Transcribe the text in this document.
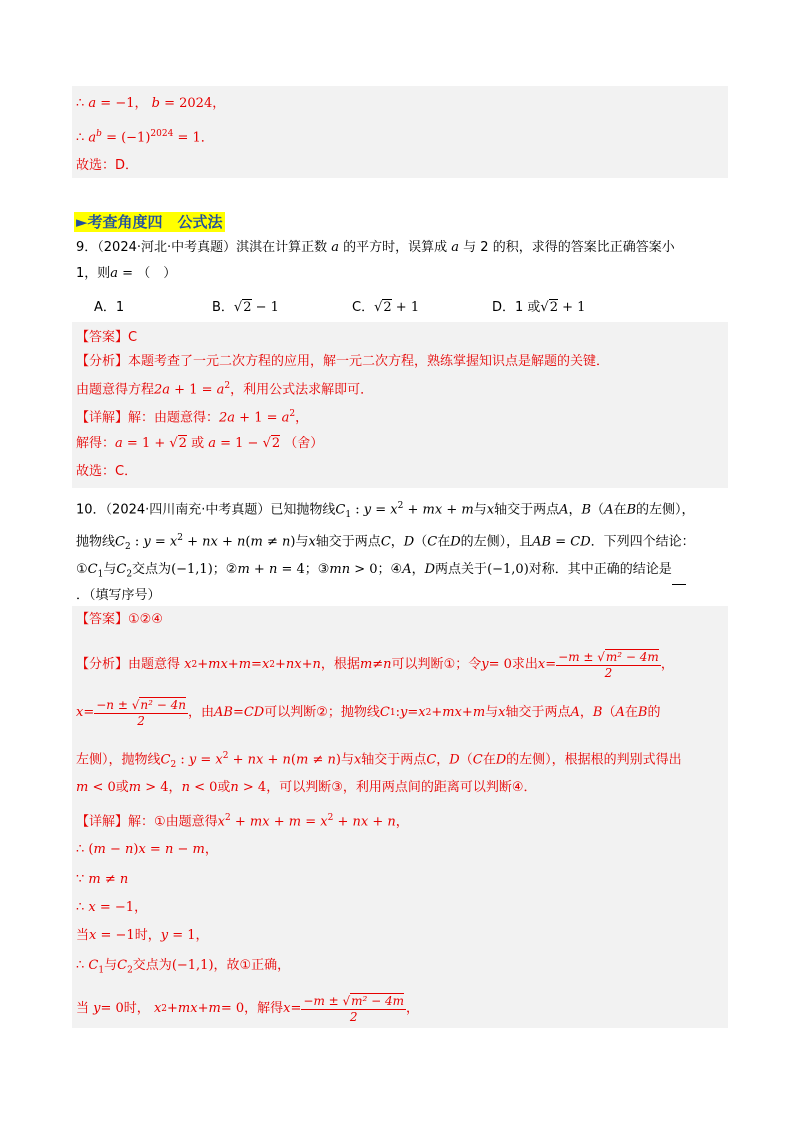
∴ a = −1， b = 2024，
∴ $a^b = (-1)^{2024} = 1$．
故选：D．
►考查角度四　公式法
9．（2024·河北·中考真题）淇淇在计算正数 a 的平方时，误算成 a 与 2 的积，求得的答案比正确答案小
1，则a = （　）
A．1	B．√2 − 1	C．√2 + 1	D．1 或√2 + 1
【答案】C
【分析】本题考查了一元二次方程的应用，解一元二次方程，熟练掌握知识点是解题的关键．
由题意得方程$2a + 1 = a^2$，利用公式法求解即可．
【详解】解：由题意得：$2a + 1 = a^2$，
解得：a = 1 + √2 或 a = 1 − √2 （舍）
故选：C．
10．（2024·四川南充·中考真题）已知抛物线$C_1$ : $y = x^2$ + mx + m与x轴交于两点A，B（A在B的左侧），
抛物线$C_2$ : $y = x^2$ + nx + n(m ≠ n)与x轴交于两点C，D（C在D的左侧），且AB = CD．下列四个结论：
$①C_1$与$C_2$交点为(−1,1)；②m + n = 4；③mn > 0；④A，D两点关于(−1,0)对称．其中正确的结论是
．（填写序号）
【答案】①②④
【分析】由题意得 x 2 + mx + m = x 2 + nx + n ，根据 m ≠ n 可以判断 ① ；令 y = 0 求出 $x = \frac{\text{−m ± √m² − 4m}}{2}$ ，
$x = \frac{\text{−n ± √n² − 4n}}{2}$ ，由 AB = CD 可以判断 ② ；抛物线 C 1 : y = x 2 + mx + m 与 x 轴交于两点 A ， B （ A 在 B 的
左侧），抛物线$C_2$ : $y = x^2$ + nx + n(m ≠ n)与x轴交于两点C，D（C在D的左侧），根据根的判别式得出
m < 0或m > 4，n < 0或n > 4，可以判断③，利用两点间的距离可以判断④．
【详解】解：①由题意得$x^2$ + mx + $m = x^2$ + nx + n，
∴ (m − n)x = n − m，
∵ m ≠ n
∴ x = −1，
当x = −1时，y = 1，
∴ $C_1$与$C_2$交点为(−1,1)，故①正确，
当 y = 0 时， x 2 + mx + m = 0 ，解得 $x = \frac{\text{−m ± √m² − 4m}}{2}$ ，
